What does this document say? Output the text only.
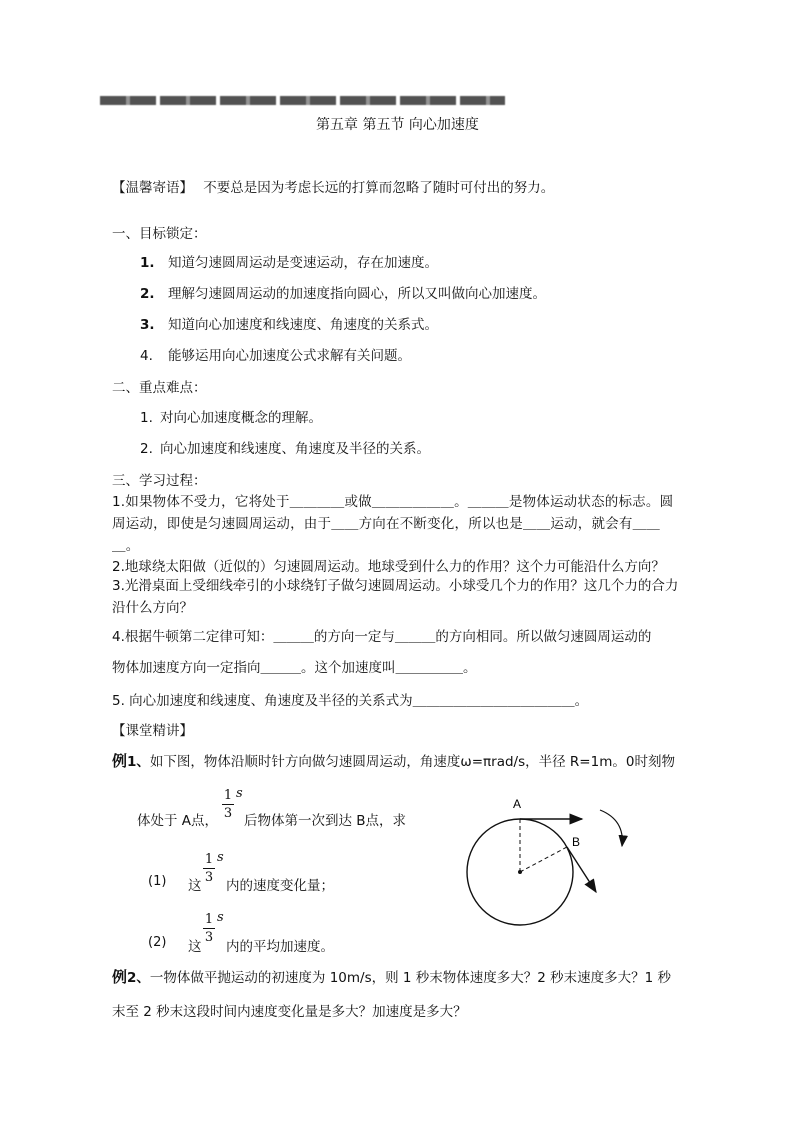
第五章 第五节 向心加速度
【温馨寄语】 不要总是因为考虑长远的打算而忽略了随时可付出的努力。
一、目标锁定：
1. 知道匀速圆周运动是变速运动，存在加速度。
2. 理解匀速圆周运动的加速度指向圆心，所以又叫做向心加速度。
3. 知道向心加速度和线速度、角速度的关系式。
4. 能够运用向心加速度公式求解有关问题。
二、重点难点：
1. 对向心加速度概念的理解。
2. 向心加速度和线速度、角速度及半径的关系。
三、学习过程：
1.如果物体不受力，它将处于＿＿＿＿或做＿＿＿＿＿＿。＿＿＿是物体运动状态的标志。圆周运动，即使是匀速圆周运动，由于＿＿方向在不断变化，所以也是＿＿运动，就会有＿＿＿。
2.地球绕太阳做（近似的）匀速圆周运动。地球受到什么力的作用？这个力可能沿什么方向？
3.光滑桌面上受细线牵引的小球绕钉子做匀速圆周运动。小球受几个力的作用？这几个力的合力沿什么方向？
4.根据牛顿第二定律可知：＿＿＿的方向一定与＿＿＿的方向相同。所以做匀速圆周运动的
物体加速度方向一定指向＿＿＿。这个加速度叫＿＿＿＿＿。
5. 向心加速度和线速度、角速度及半径的关系式为＿＿＿＿＿＿＿＿＿＿＿＿。
【课堂精讲】
例1、如下图，物体沿顺时针方向做匀速圆周运动，角速度ω=πrad/s，半径 R=1m。0时刻物
体处于 A点，
1
3
s
后物体第一次到达 B点，求
(1) 这
1
3
s
内的速度变化量；
(2) 这
1
3
s
内的平均加速度。
A
B
例2、一物体做平抛运动的初速度为 10m/s，则 1 秒末物体速度多大？2 秒末速度多大？1 秒
末至 2 秒末这段时间内速度变化量是多大？加速度是多大？
